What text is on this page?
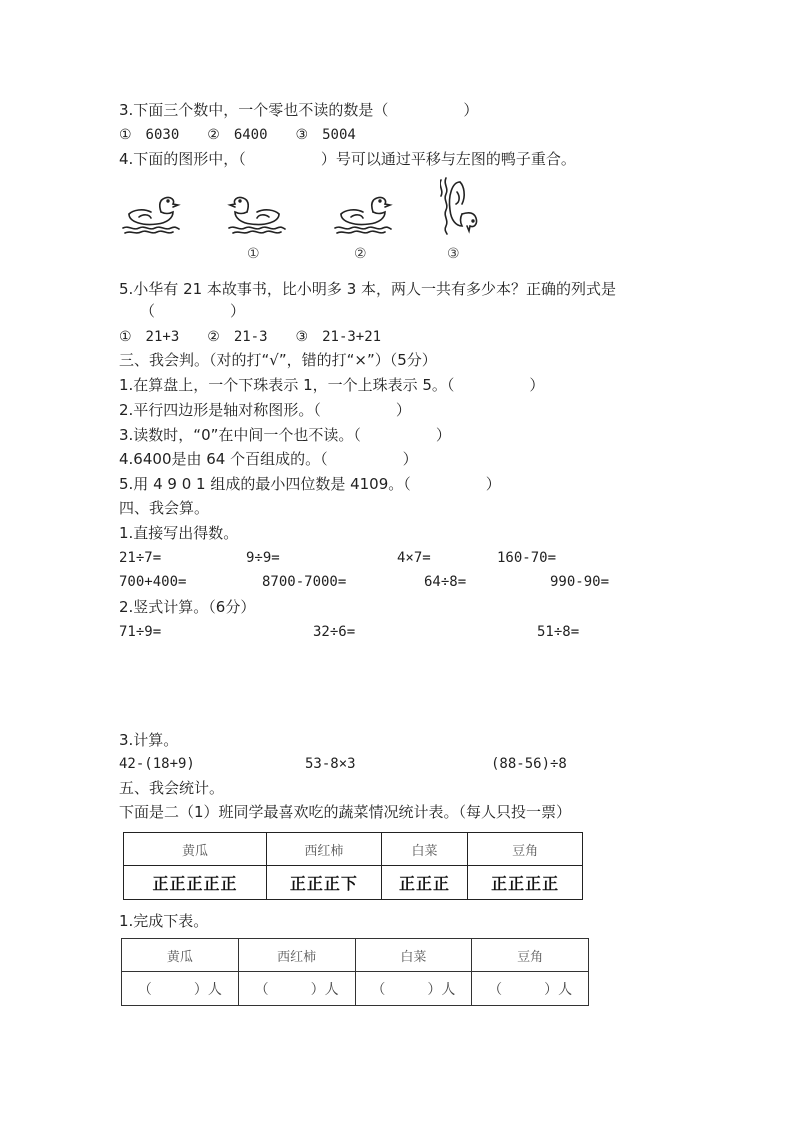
3.下面三个数中，一个零也不读的数是（　　　　　）
①　6030　　②　6400　　③　5004
4.下面的图形中，（　　　　　）号可以通过平移与左图的鸭子重合。
①	②	③
5.小华有 21 本故事书，比小明多 3 本，两人一共有多少本？正确的列式是
（　　　　　）
①　21+3　　②　21-3　　③　21-3+21
三、我会判。（对的打“√”，错的打“×”）（5分）
1.在算盘上，一个下珠表示 1，一个上珠表示 5。（　　　　　）
2.平行四边形是轴对称图形。（　　　　　）
3.读数时，“0”在中间一个也不读。（　　　　　）
4.6400是由 64 个百组成的。（　　　　　）
5.用 4 9 0 1 组成的最小四位数是 4109。（　　　　　）
四、我会算。
1.直接写出得数。
21÷7=	9÷9=	4×7=	160-70=
700+400=	8700-7000=	64÷8=	990-90=
2.竖式计算。（6分）
71÷9=	32÷6=	51÷8=
3.计算。
42-(18+9)	53-8×3	(88-56)÷8
五、我会统计。
下面是二（1）班同学最喜欢吃的蔬菜情况统计表。（每人只投一票）
黄瓜	西红柿	白菜	豆角
正正正正正	正正正下	正正正	正正正正
1.完成下表。
黄瓜	西红柿	白菜	豆角
（　　　）人	（　　　）人	（　　　）人	（　　　）人
